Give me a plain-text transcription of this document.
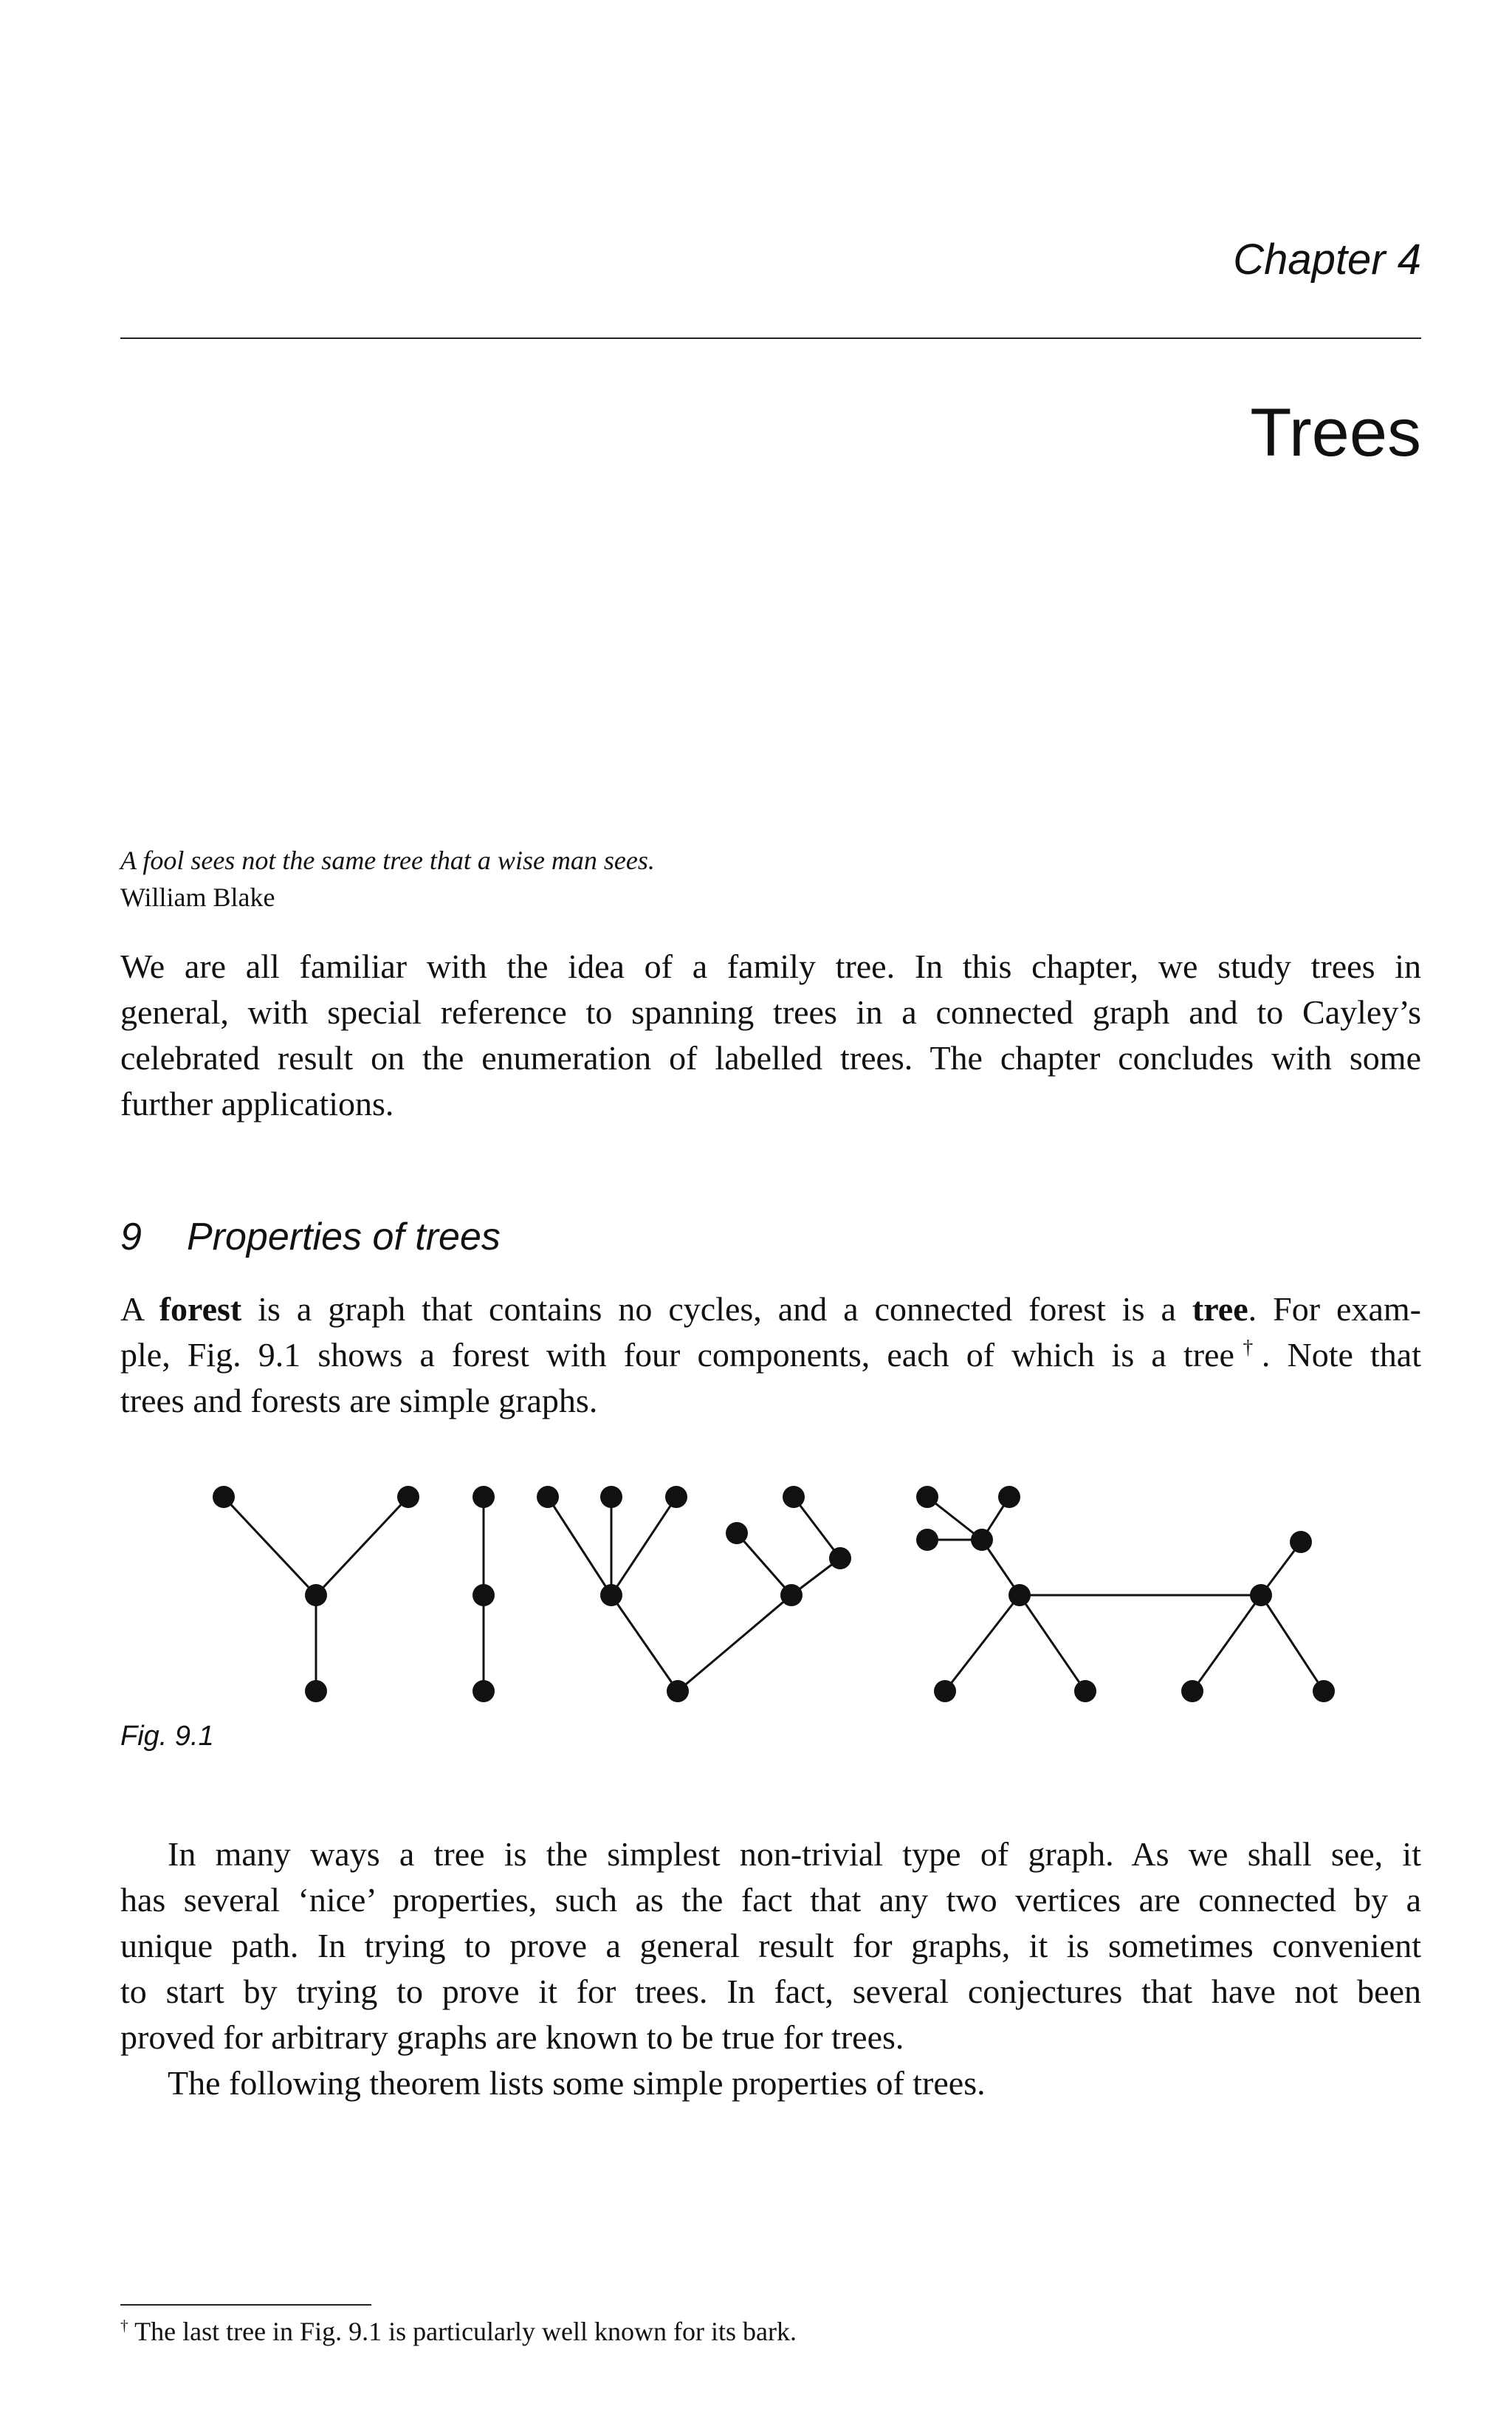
Chapter 4
Trees
A fool sees not the same tree that a wise man sees.
William Blake
We are all familiar with the idea of a family tree. In this chapter, we study trees in
general, with special reference to spanning trees in a connected graph and to Cayley’s
celebrated result on the enumeration of labelled trees. The chapter concludes with some
further applications.
9 Properties of trees
A forest is a graph that contains no cycles, and a connected forest is a tree. For exam-
ple, Fig. 9.1 shows a forest with four components, each of which is a tree†. Note that
trees and forests are simple graphs.
Fig. 9.1
In many ways a tree is the simplest non-trivial type of graph. As we shall see, it
has several ‘nice’ properties, such as the fact that any two vertices are connected by a
unique path. In trying to prove a general result for graphs, it is sometimes convenient
to start by trying to prove it for trees. In fact, several conjectures that have not been
proved for arbitrary graphs are known to be true for trees.
The following theorem lists some simple properties of trees.
† The last tree in Fig. 9.1 is particularly well known for its bark.
